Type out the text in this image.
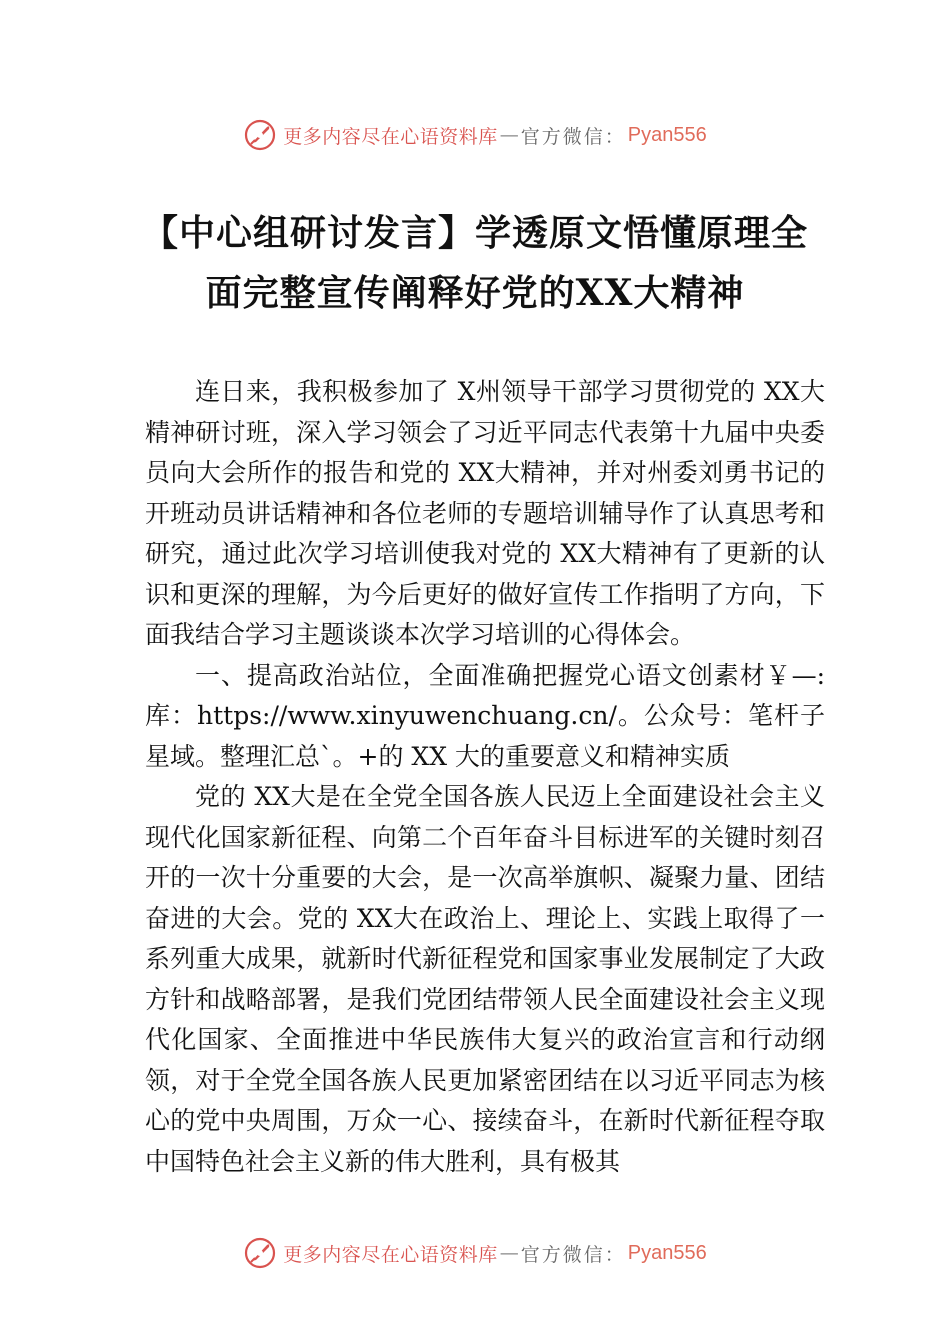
更多内容尽在心语资料库 — 官方微信： Pyan556
【中心组研讨发言】学透原文悟懂原理全面完整宣传阐释好党的XX大精神

连日来，我积极参加了 X州领导干部学习贯彻党的 XX大精神研讨班，深入学习领会了习近平同志代表第十九届中央委员向大会所作的报告和党的 XX大精神，并对州委刘勇书记的开班动员讲话精神和各位老师的专题培训辅导作了认真思考和研究，通过此次学习培训使我对党的 XX大精神有了更新的认识和更深的理解，为今后更好的做好宣传工作指明了方向，下面我结合学习主题谈谈本次学习培训的心得体会。

一、提高政治站位，全面准确把握党心语文创素材￥—:库：https://www.xinyuwenchuang.cn/。公众号：笔杆子星域。整理汇总`。+的 XX 大的重要意义和精神实质

党的 XX大是在全党全国各族人民迈上全面建设社会主义现代化国家新征程、向第二个百年奋斗目标进军的关键时刻召开的一次十分重要的大会，是一次高举旗帜、凝聚力量、团结奋进的大会。党的 XX大在政治上、理论上、实践上取得了一系列重大成果，就新时代新征程党和国家事业发展制定了大政方针和战略部署，是我们党团结带领人民全面建设社会主义现代化国家、全面推进中华民族伟大复兴的政治宣言和行动纲领，对于全党全国各族人民更加紧密团结在以习近平同志为核心的党中央周围，万众一心、接续奋斗，在新时代新征程夺取中国特色社会主义新的伟大胜利，具有极其

更多内容尽在心语资料库 — 官方微信： Pyan556
